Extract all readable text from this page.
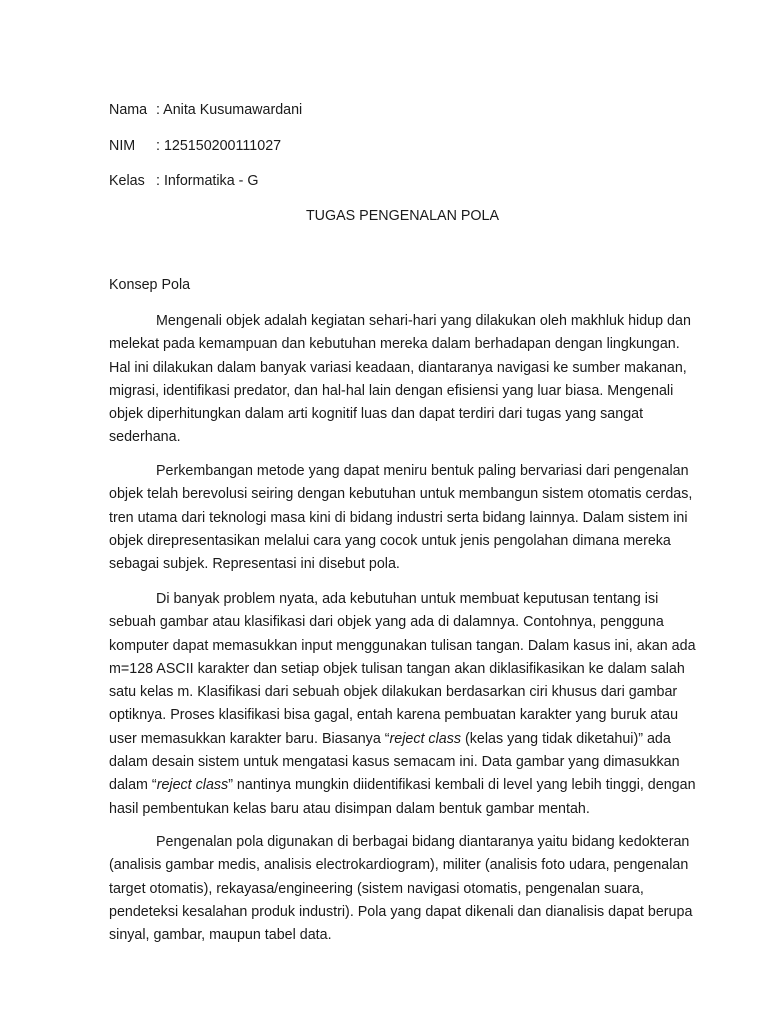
Nama : Anita Kusumawardani
NIM : 125150200111027
Kelas : Informatika - G
TUGAS PENGENALAN POLA
Konsep Pola
Mengenali objek adalah kegiatan sehari-hari yang dilakukan oleh makhluk hidup dan
melekat pada kemampuan dan kebutuhan mereka dalam berhadapan dengan lingkungan.
Hal ini dilakukan dalam banyak variasi keadaan, diantaranya navigasi ke sumber makanan,
migrasi, identifikasi predator, dan hal-hal lain dengan efisiensi yang luar biasa. Mengenali
objek diperhitungkan dalam arti kognitif luas dan dapat terdiri dari tugas yang sangat
sederhana.
Perkembangan metode yang dapat meniru bentuk paling bervariasi dari pengenalan
objek telah berevolusi seiring dengan kebutuhan untuk membangun sistem otomatis cerdas,
tren utama dari teknologi masa kini di bidang industri serta bidang lainnya. Dalam sistem ini
objek direpresentasikan melalui cara yang cocok untuk jenis pengolahan dimana mereka
sebagai subjek. Representasi ini disebut pola.
Di banyak problem nyata, ada kebutuhan untuk membuat keputusan tentang isi
sebuah gambar atau klasifikasi dari objek yang ada di dalamnya. Contohnya, pengguna
komputer dapat memasukkan input menggunakan tulisan tangan. Dalam kasus ini, akan ada
m=128 ASCII karakter dan setiap objek tulisan tangan akan diklasifikasikan ke dalam salah
satu kelas m. Klasifikasi dari sebuah objek dilakukan berdasarkan ciri khusus dari gambar
optiknya. Proses klasifikasi bisa gagal, entah karena pembuatan karakter yang buruk atau
user memasukkan karakter baru. Biasanya “reject class (kelas yang tidak diketahui)” ada
dalam desain sistem untuk mengatasi kasus semacam ini. Data gambar yang dimasukkan
dalam “reject class” nantinya mungkin diidentifikasi kembali di level yang lebih tinggi, dengan
hasil pembentukan kelas baru atau disimpan dalam bentuk gambar mentah.
Pengenalan pola digunakan di berbagai bidang diantaranya yaitu bidang kedokteran
(analisis gambar medis, analisis electrokardiogram), militer (analisis foto udara, pengenalan
target otomatis), rekayasa/engineering (sistem navigasi otomatis, pengenalan suara,
pendeteksi kesalahan produk industri). Pola yang dapat dikenali dan dianalisis dapat berupa
sinyal, gambar, maupun tabel data.
